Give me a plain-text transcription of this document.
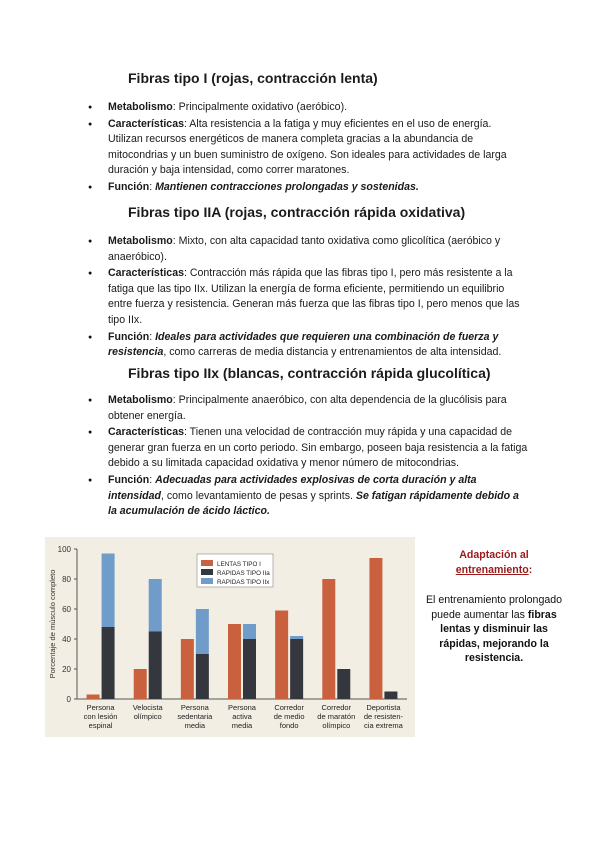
Fibras tipo I (rojas, contracción lenta)
● Metabolismo: Principalmente oxidativo (aeróbico).
● Características: Alta resistencia a la fatiga y muy eficientes en el uso de energía. Utilizan recursos energéticos de manera completa gracias a la abundancia de mitocondrias y un buen suministro de oxígeno. Son ideales para actividades de larga duración y baja intensidad, como correr maratones.
● Función: Mantienen contracciones prolongadas y sostenidas.
Fibras tipo IIA (rojas, contracción rápida oxidativa)
● Metabolismo: Mixto, con alta capacidad tanto oxidativa como glicolítica (aeróbico y anaeróbico).
● Características: Contracción más rápida que las fibras tipo I, pero más resistente a la fatiga que las tipo IIx. Utilizan la energía de forma eficiente, permitiendo un equilibrio entre fuerza y resistencia. Generan más fuerza que las fibras tipo I, pero menos que las tipo IIx.
● Función: Ideales para actividades que requieren una combinación de fuerza y resistencia, como carreras de media distancia y entrenamientos de alta intensidad.
Fibras tipo IIx (blancas, contracción rápida glucolítica)
● Metabolismo: Principalmente anaeróbico, con alta dependencia de la glucólisis para obtener energía.
● Características: Tienen una velocidad de contracción muy rápida y una capacidad de generar gran fuerza en un corto periodo. Sin embargo, poseen baja resistencia a la fatiga debido a su limitada capacidad oxidativa y menor número de mitocondrias.
● Función: Adecuadas para actividades explosivas de corta duración y alta intensidad, como levantamiento de pesas y sprints. Se fatigan rápidamente debido a la acumulación de ácido láctico.
0
20
40
60
80
100
Porcentaje de músculo completo
Persona
con lesión
espinal
Velocista
olímpico
Persona
sedentaria
media
Persona
activa
media
Corredor
de medio
fondo
Corredor
de maratón
olímpico
Deportista
de resisten-
cia extrema
LENTAS TIPO I
RAPIDAS TIPO IIa
RAPIDAS TIPO IIx
Adaptación al entrenamiento:
El entrenamiento prolongado puede aumentar las fibras lentas y disminuir las rápidas, mejorando la resistencia.
